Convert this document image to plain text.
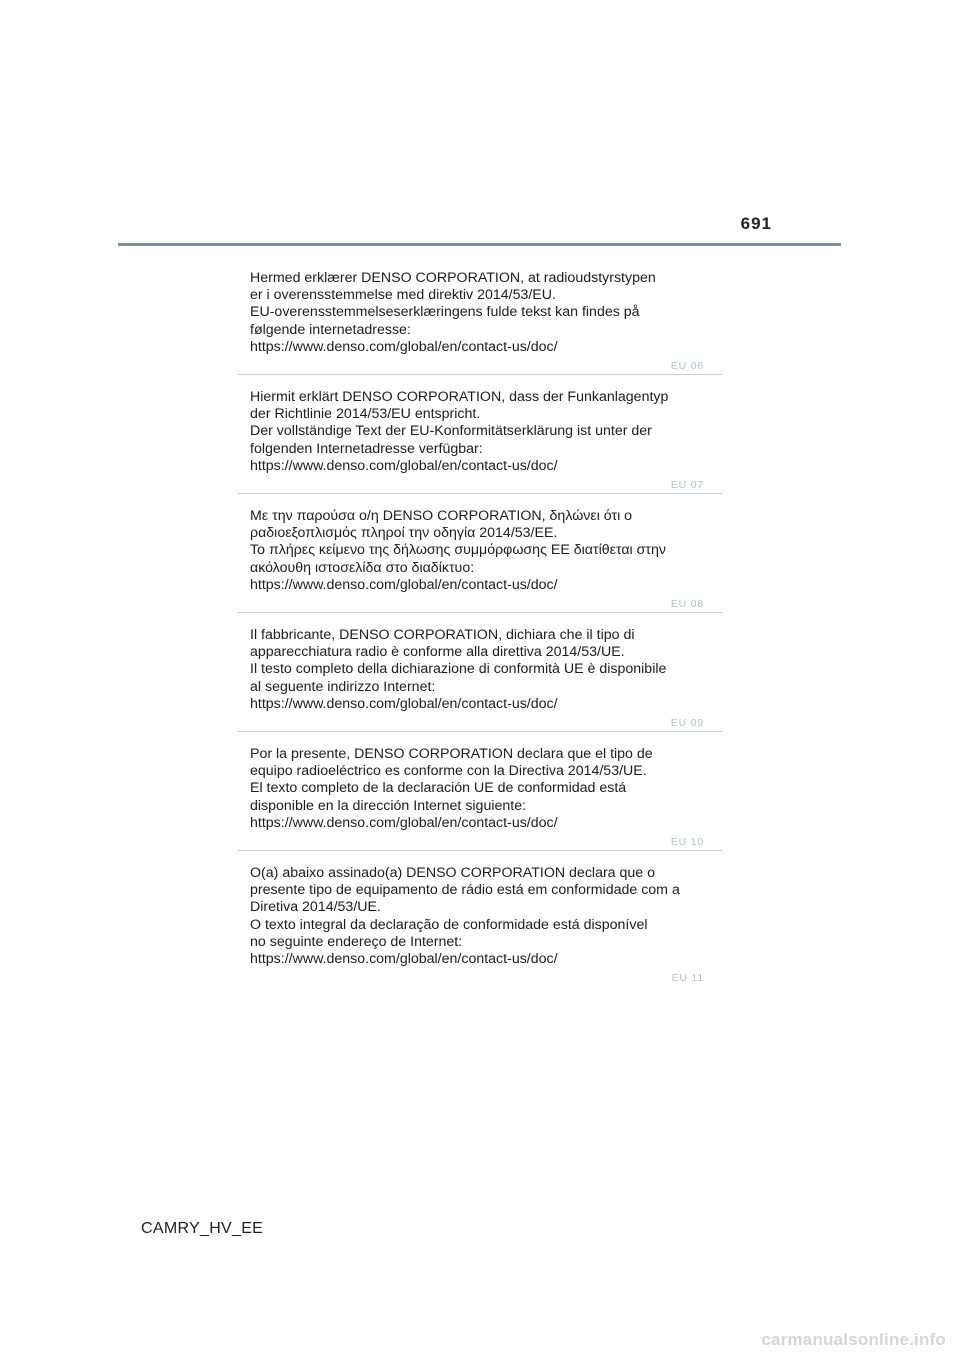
691
Hermed erklærer DENSO CORPORATION, at radioudstyrstypen
er i overensstemmelse med direktiv 2014/53/EU.
EU-overensstemmelseserklæringens fulde tekst kan findes på
følgende internetadresse:
https://www.denso.com/global/en/contact-us/doc/
EU 06
Hiermit erklärt DENSO CORPORATION, dass der Funkanlagentyp
der Richtlinie 2014/53/EU entspricht.
Der vollständige Text der EU-Konformitätserklärung ist unter der
folgenden Internetadresse verfügbar:
https://www.denso.com/global/en/contact-us/doc/
EU 07
Με την παρούσα ο/η DENSO CORPORATION, δηλώνει ότι ο
ραδιοεξοπλισμός πληροί την οδηγία 2014/53/ΕΕ.
Το πλήρες κείμενο της δήλωσης συμμόρφωσης ΕΕ διατίθεται στην
ακόλουθη ιστοσελίδα στο διαδίκτυο:
https://www.denso.com/global/en/contact-us/doc/
EU 08
Il fabbricante, DENSO CORPORATION, dichiara che il tipo di
apparecchiatura radio è conforme alla direttiva 2014/53/UE.
Il testo completo della dichiarazione di conformità UE è disponibile
al seguente indirizzo Internet:
https://www.denso.com/global/en/contact-us/doc/
EU 09
Por la presente, DENSO CORPORATION declara que el tipo de
equipo radioeléctrico es conforme con la Directiva 2014/53/UE.
El texto completo de la declaración UE de conformidad está
disponible en la dirección Internet siguiente:
https://www.denso.com/global/en/contact-us/doc/
EU 10
O(a) abaixo assinado(a) DENSO CORPORATION declara que o
presente tipo de equipamento de rádio está em conformidade com a
Diretiva 2014/53/UE.
O texto integral da declaração de conformidade está disponível
no seguinte endereço de Internet:
https://www.denso.com/global/en/contact-us/doc/
EU 11
CAMRY_HV_EE
carmanualsonline.info
